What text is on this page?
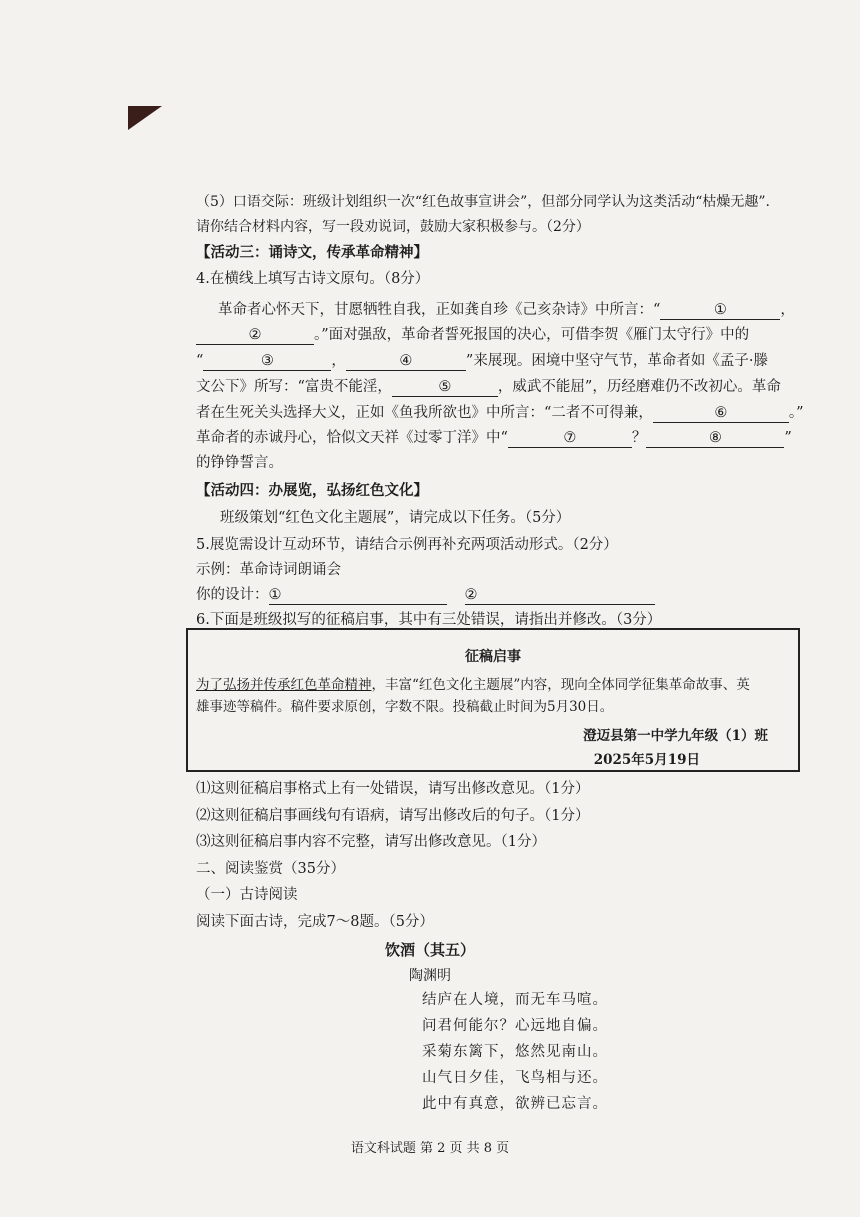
（5）口语交际：班级计划组织一次“红色故事宣讲会”，但部分同学认为这类活动“枯燥无趣”.
请你结合材料内容，写一段劝说词，鼓励大家积极参与。（2分）
【活动三：诵诗文，传承革命精神】
4.在横线上填写古诗文原句。（8分）
革命者心怀天下，甘愿牺牲自我，正如龚自珍《己亥杂诗》中所言：“	①	，
②	。”面对强敌，革命者誓死报国的决心，可借李贺《雁门太守行》中的
“	③	，	④	”来展现。困境中坚守气节，革命者如《孟子·滕
文公下》所写：“富贵不能淫，	⑤	，威武不能屈”，历经磨难仍不改初心。革命
者在生死关头选择大义，正如《鱼我所欲也》中所言：“二者不可得兼，	⑥	。”
革命者的赤诚丹心，恰似文天祥《过零丁洋》中“	⑦	？	⑧	”
的铮铮誓言。
【活动四：办展览，弘扬红色文化】
班级策划“红色文化主题展”，请完成以下任务。（5分）
5.展览需设计互动环节，请结合示例再补充两项活动形式。（2分）
示例：革命诗词朗诵会
你的设计：①	②
6.下面是班级拟写的征稿启事，其中有三处错误，请指出并修改。（3分）
征稿启事
为了弘扬并传承红色革命精神，丰富“红色文化主题展”内容，现向全体同学征集革命故事、英
雄事迹等稿件。稿件要求原创，字数不限。投稿截止时间为5月30日。
澄迈县第一中学九年级（1）班
2025年5月19日
⑴这则征稿启事格式上有一处错误，请写出修改意见。（1分）
⑵这则征稿启事画线句有语病，请写出修改后的句子。（1分）
⑶这则征稿启事内容不完整，请写出修改意见。（1分）
二、阅读鉴赏（35分）
（一）古诗阅读
阅读下面古诗，完成7～8题。（5分）
饮酒（其五）
陶渊明
结庐在人境，而无车马喧。
问君何能尔？心远地自偏。
采菊东篱下，悠然见南山。
山气日夕佳，飞鸟相与还。
此中有真意，欲辨已忘言。
语文科试题 第 2 页 共 8 页
